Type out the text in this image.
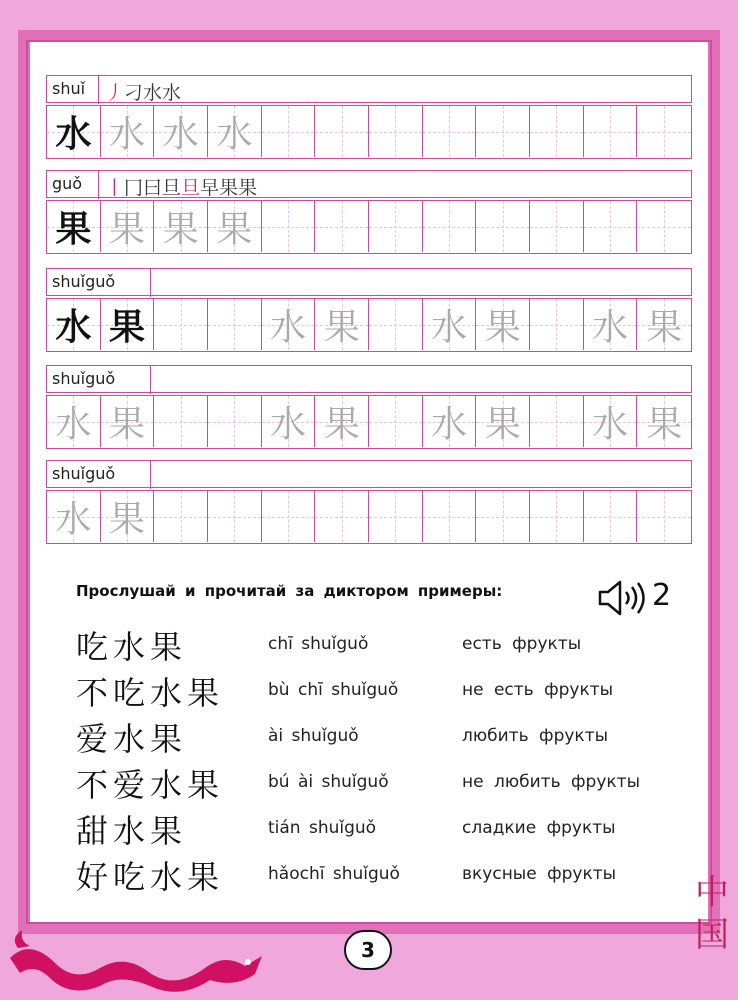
shuǐ	丿刁水水
水 水 水 水
guǒ	丨冂曰旦旦早果果
果 果 果 果
shuǐguǒ
水 果	水 果 水 果 水 果
shuǐguǒ
水 果	水 果 水 果 水 果
shuǐguǒ
水 果
Прослушай и прочитай за диктором примеры:	2
吃水果	chī shuǐguǒ	есть фрукты
不吃水果	bù chī shuǐguǒ	не есть фрукты
爱水果	ài shuǐguǒ	любить фрукты
不爱水果	bú ài shuǐguǒ	не любить фрукты
甜水果	tián shuǐguǒ	сладкие фрукты
好吃水果	hǎochī shuǐguǒ	вкусные фрукты
3
中
国
